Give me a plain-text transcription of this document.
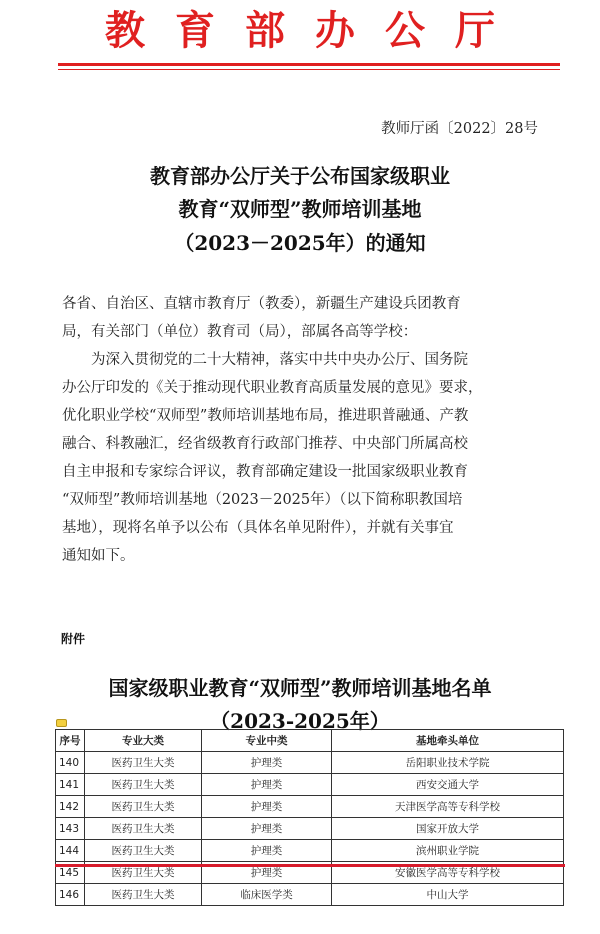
教育部办公厅
教师厅函〔2022〕28号
教育部办公厅关于公布国家级职业
教育“双师型”教师培训基地
（2023－2025年）的通知
各省、自治区、直辖市教育厅（教委），新疆生产建设兵团教育
局，有关部门（单位）教育司（局），部属各高等学校：
为深入贯彻党的二十大精神，落实中共中央办公厅、国务院
办公厅印发的《关于推动现代职业教育高质量发展的意见》要求，
优化职业学校“双师型”教师培训基地布局，推进职普融通、产教
融合、科教融汇，经省级教育行政部门推荐、中央部门所属高校
自主申报和专家综合评议，教育部确定建设一批国家级职业教育
“双师型”教师培训基地（2023－2025年）（以下简称职教国培
基地），现将名单予以公布（具体名单见附件），并就有关事宜
通知如下。
附件
国家级职业教育“双师型”教师培训基地名单
（2023-2025年）
序号	专业大类	专业中类	基地牵头单位
140	医药卫生大类	护理类	岳阳职业技术学院
141	医药卫生大类	护理类	西安交通大学
142	医药卫生大类	护理类	天津医学高等专科学校
143	医药卫生大类	护理类	国家开放大学
144	医药卫生大类	护理类	滨州职业学院
145	医药卫生大类	护理类	安徽医学高等专科学校
146	医药卫生大类	临床医学类	中山大学
